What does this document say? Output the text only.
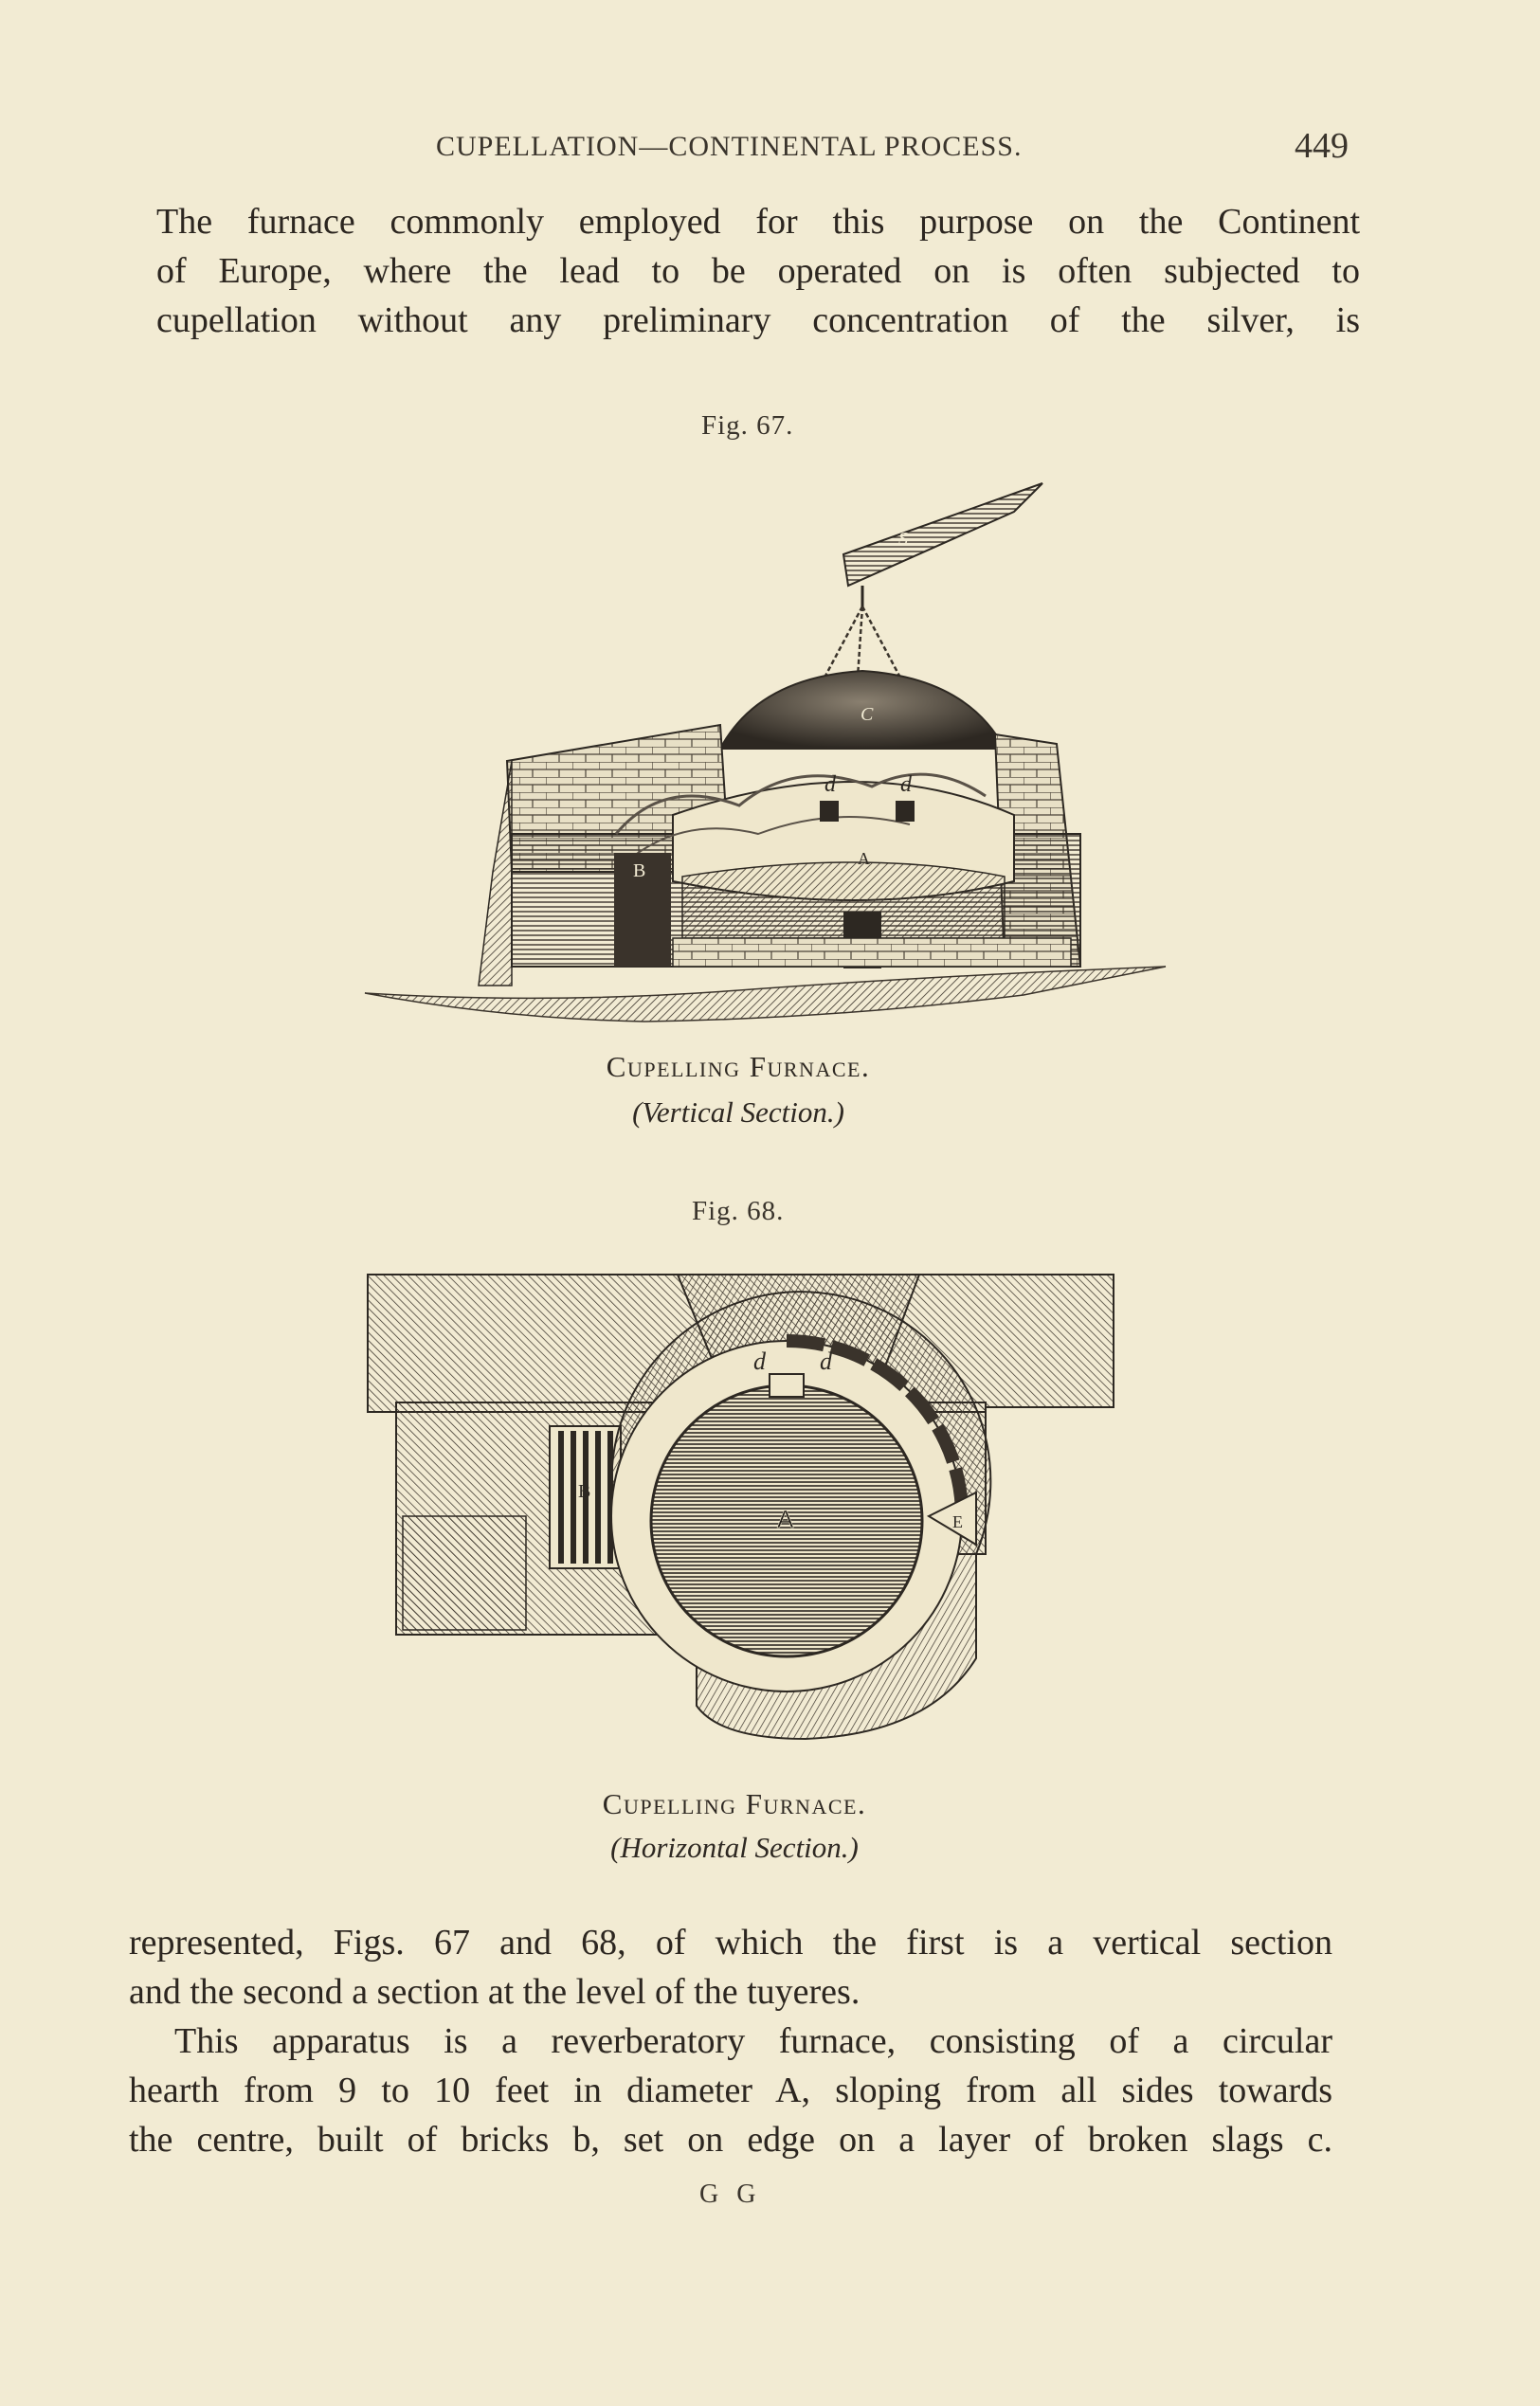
CUPELLATION—CONTINENTAL PROCESS.	449
The furnace commonly employed for this purpose on the Continent
of Europe, where the lead to be operated on is often subjected to
cupellation without any preliminary concentration of the silver, is
Fig. 67.
S
C
d	d
B
A
Cupelling Furnace.
(Vertical Section.)
Fig. 68.
d d
B
A	E
Cupelling Furnace.
(Horizontal Section.)
represented, Figs. 67 and 68, of which the first is a vertical section
and the second a section at the level of the tuyeres.
This apparatus is a reverberatory furnace, consisting of a circular
hearth from 9 to 10 feet in diameter A, sloping from all sides towards
the centre, built of bricks b, set on edge on a layer of broken slags c.
G G
